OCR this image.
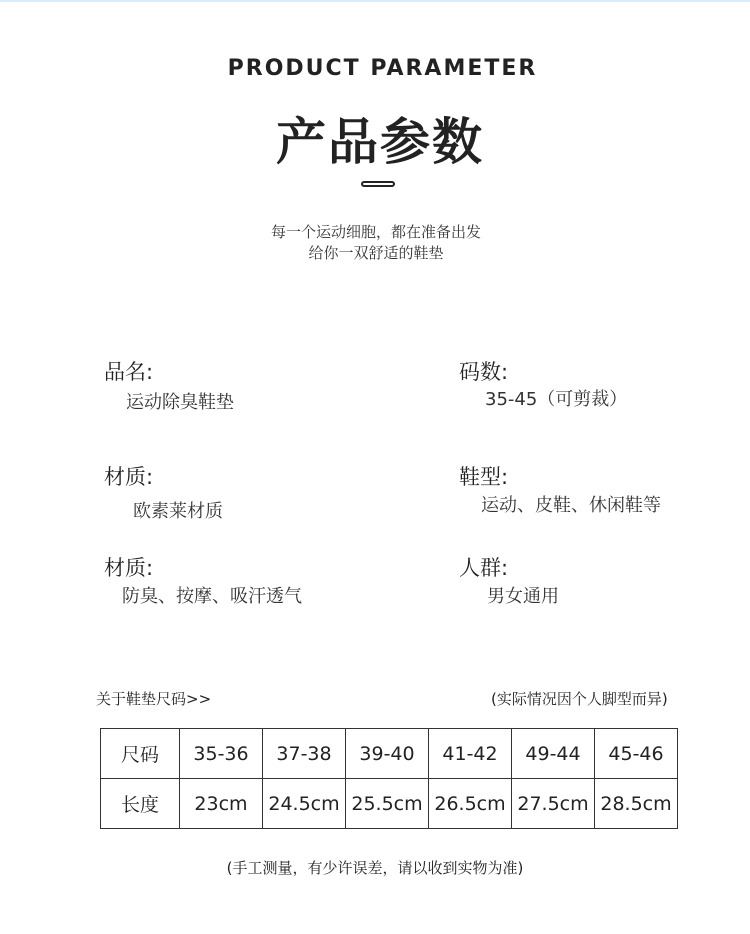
PRODUCT PARAMETER
产品参数
每一个运动细胞，都在准备出发
给你一双舒适的鞋垫
品名:
运动除臭鞋垫
码数:
35-45（可剪裁）
材质:
欧素莱材质
鞋型:
运动、皮鞋、休闲鞋等
材质:
防臭、按摩、吸汗透气
人群:
男女通用
关于鞋垫尺码>>	(实际情况因个人脚型而异)
尺码	35-36	37-38	39-40	41-42	49-44	45-46
长度	23cm	24.5cm	25.5cm	26.5cm	27.5cm	28.5cm
(手工测量，有少许误差，请以收到实物为准)
